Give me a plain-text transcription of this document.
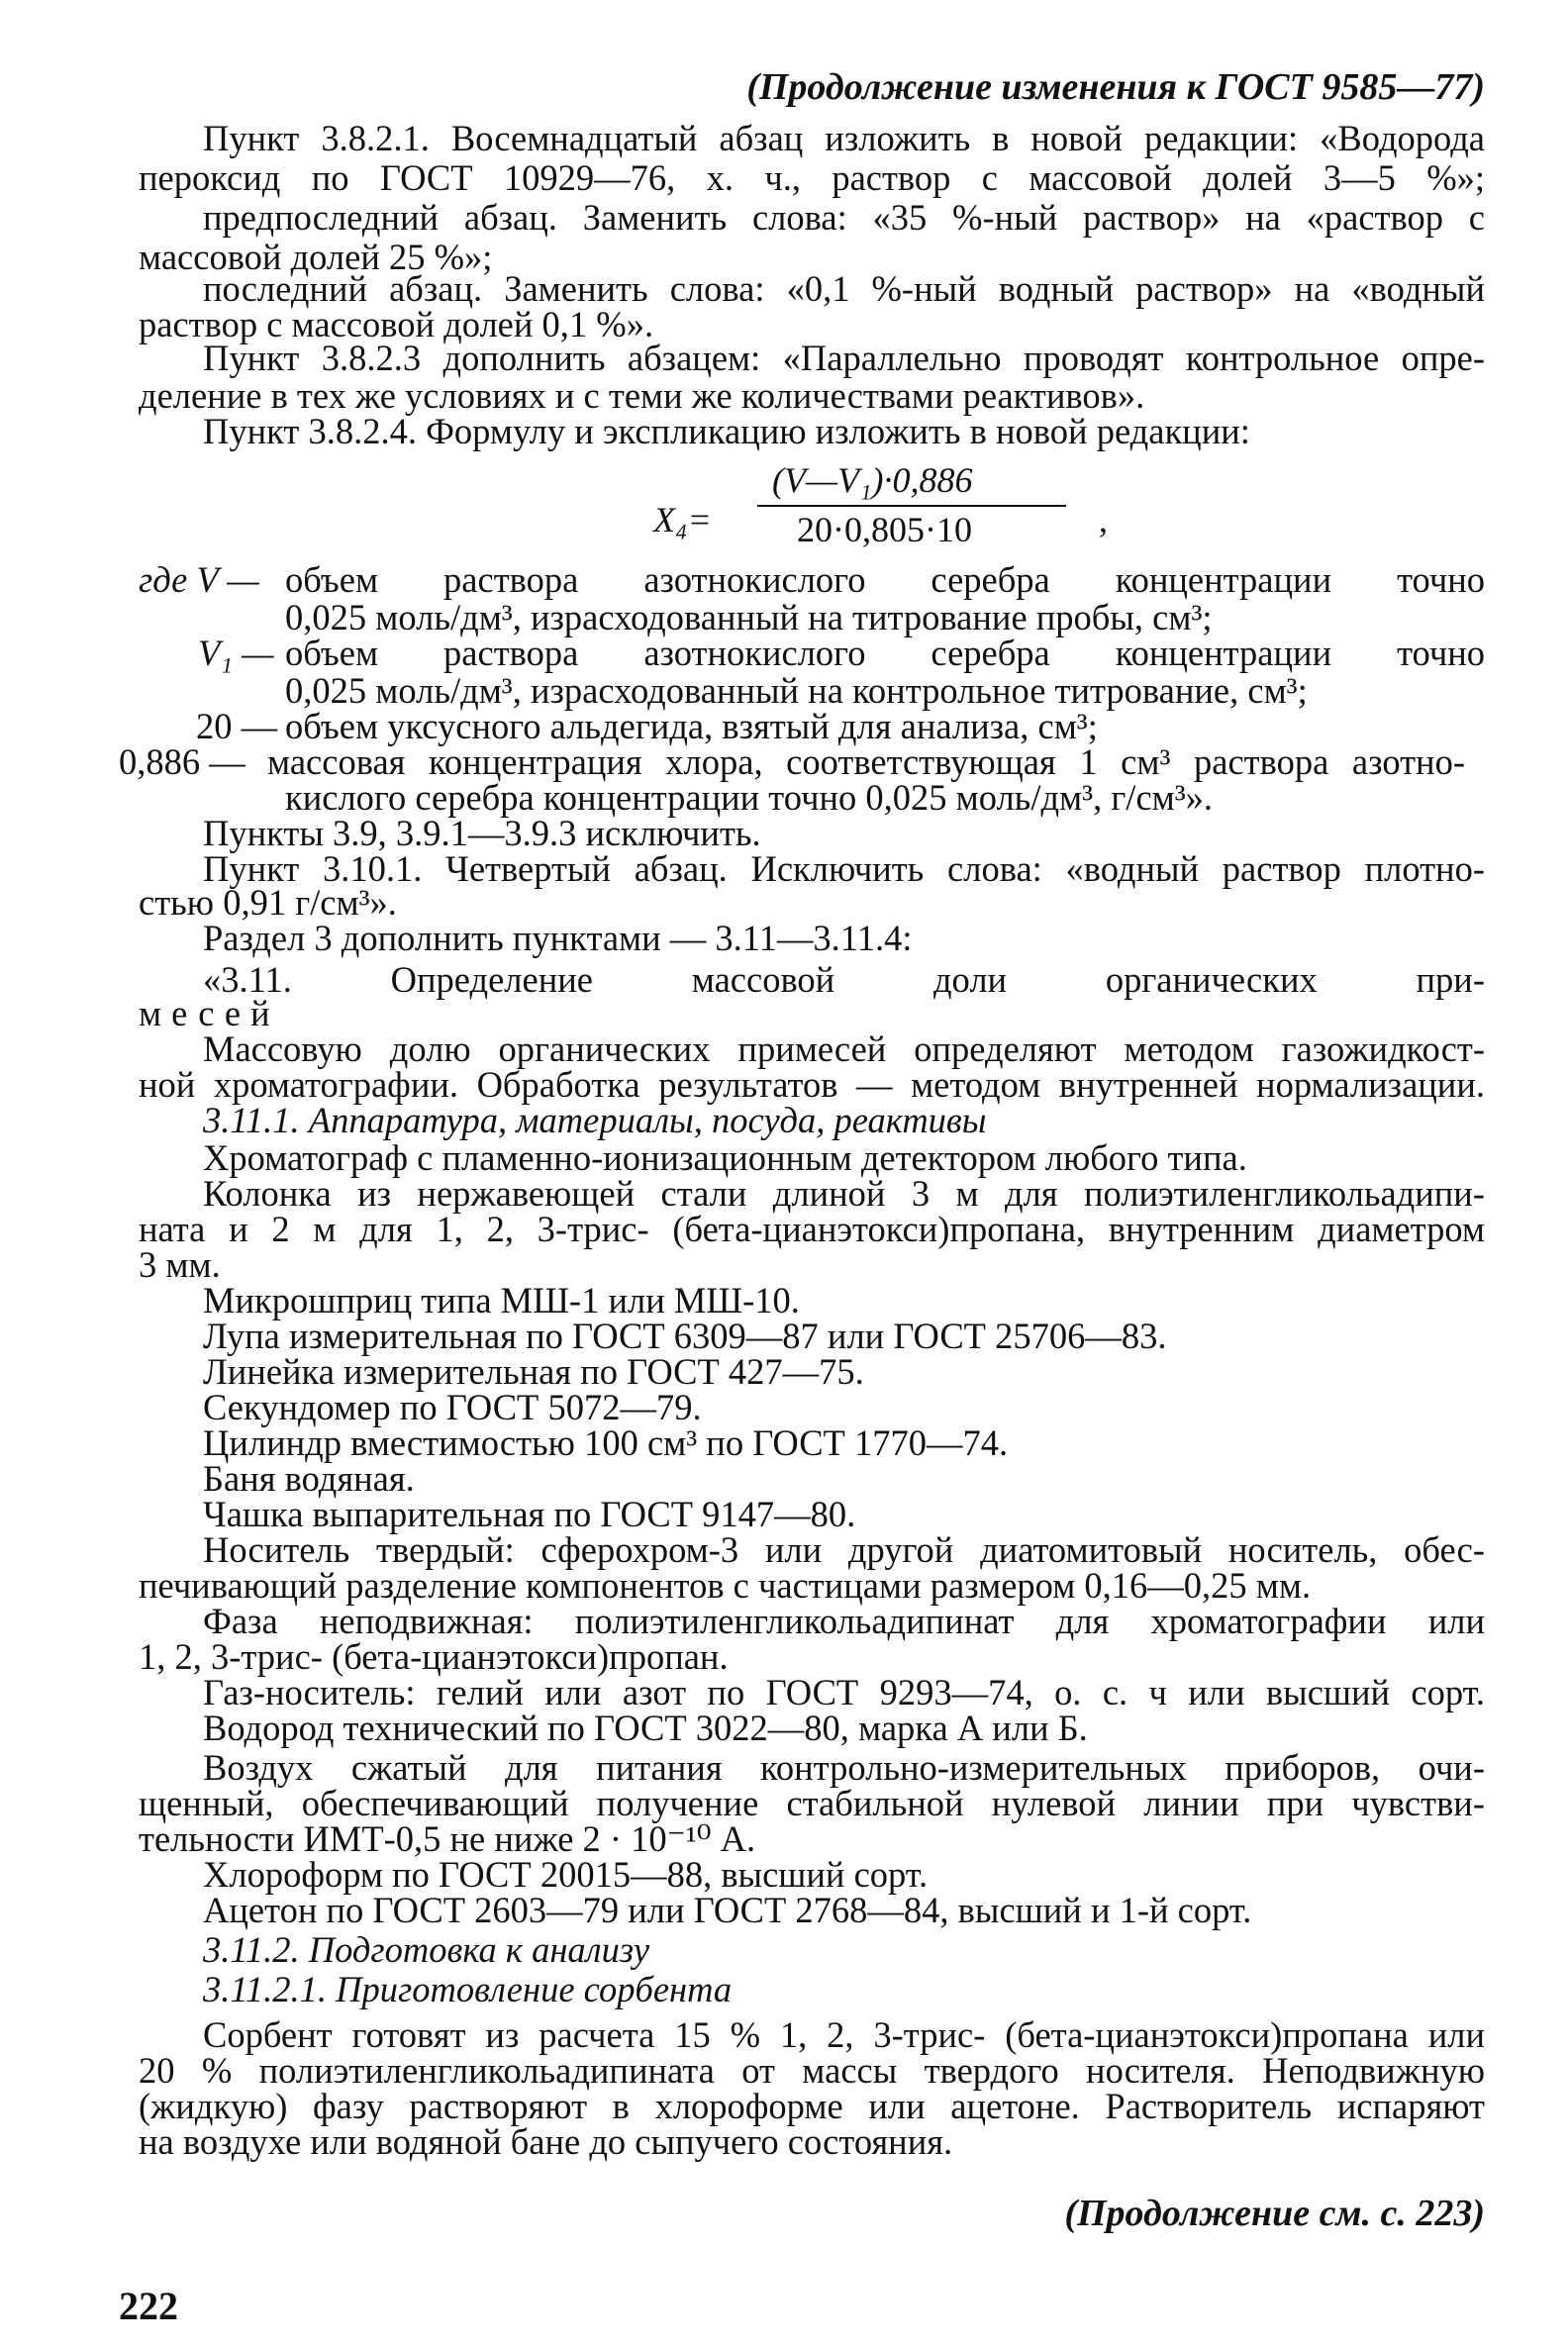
(Продолжение изменения к ГОСТ 9585—77)
Пункт 3.8.2.1. Восемнадцатый абзац изложить в новой редакции: «Водорода
пероксид по ГОСТ 10929—76, х. ч., раствор с массовой долей 3—5 %»;
предпоследний абзац. Заменить слова: «35 %-ный раствор» на «раствор с
массовой долей 25 %»;
последний абзац. Заменить слова: «0,1 %-ный водный раствор» на «водный
раствор с массовой долей 0,1 %».
Пункт 3.8.2.3 дополнить абзацем: «Параллельно проводят контрольное опре-
деление в тех же условиях и с теми же количествами реактивов».
Пункт 3.8.2.4. Формулу и экспликацию изложить в новой редакции:
X₄=
(V—V₁)·0,886
20·0,805·10	,
где V — объем раствора азотнокислого серебра концентрации точно
0,025 моль/дм³, израсходованный на титрование пробы, см³;
V₁ — объем раствора азотнокислого серебра концентрации точно
0,025 моль/дм³, израсходованный на контрольное титрование, см³;
20 — объем уксусного альдегида, взятый для анализа, см³;
0,886 — массовая концентрация хлора, соответствующая 1 см³ раствора азотно-
кислого серебра концентрации точно 0,025 моль/дм³, г/см³».
Пункты 3.9, 3.9.1—3.9.3 исключить.
Пункт 3.10.1. Четвертый абзац. Исключить слова: «водный раствор плотно-
стью 0,91 г/см³».
Раздел 3 дополнить пунктами — 3.11—3.11.4:
«3.11. Определение массовой доли органических при-
месей
Массовую долю органических примесей определяют методом газожидкост-
ной хроматографии. Обработка результатов — методом внутренней нормализации.
3.11.1. Аппаратура, материалы, посуда, реактивы
Хроматограф с пламенно-ионизационным детектором любого типа.
Колонка из нержавеющей стали длиной 3 м для полиэтиленгликольадипи-
ната и 2 м для 1, 2, 3-трис- (бета-цианэтокси)пропана, внутренним диаметром
3 мм.
Микрошприц типа МШ-1 или МШ-10.
Лупа измерительная по ГОСТ 6309—87 или ГОСТ 25706—83.
Линейка измерительная по ГОСТ 427—75.
Секундомер по ГОСТ 5072—79.
Цилиндр вместимостью 100 см³ по ГОСТ 1770—74.
Баня водяная.
Чашка выпарительная по ГОСТ 9147—80.
Носитель твердый: сферохром-3 или другой диатомитовый носитель, обес-
печивающий разделение компонентов с частицами размером 0,16—0,25 мм.
Фаза неподвижная: полиэтиленгликольадипинат для хроматографии или
1, 2, 3-трис- (бета-цианэтокси)пропан.
Газ-носитель: гелий или азот по ГОСТ 9293—74, о. с. ч или высший сорт.
Водород технический по ГОСТ 3022—80, марка А или Б.
Воздух сжатый для питания контрольно-измерительных приборов, очи-
щенный, обеспечивающий получение стабильной нулевой линии при чувстви-
тельности ИМТ-0,5 не ниже 2 · 10⁻¹⁰ А.
Хлороформ по ГОСТ 20015—88, высший сорт.
Ацетон по ГОСТ 2603—79 или ГОСТ 2768—84, высший и 1-й сорт.
3.11.2. Подготовка к анализу
3.11.2.1. Приготовление сорбента
Сорбент готовят из расчета 15 % 1, 2, 3-трис- (бета-цианэтокси)пропана или
20 % полиэтиленгликольадипината от массы твердого носителя. Неподвижную
(жидкую) фазу растворяют в хлороформе или ацетоне. Растворитель испаряют
на воздухе или водяной бане до сыпучего состояния.
(Продолжение см. с. 223)
222
